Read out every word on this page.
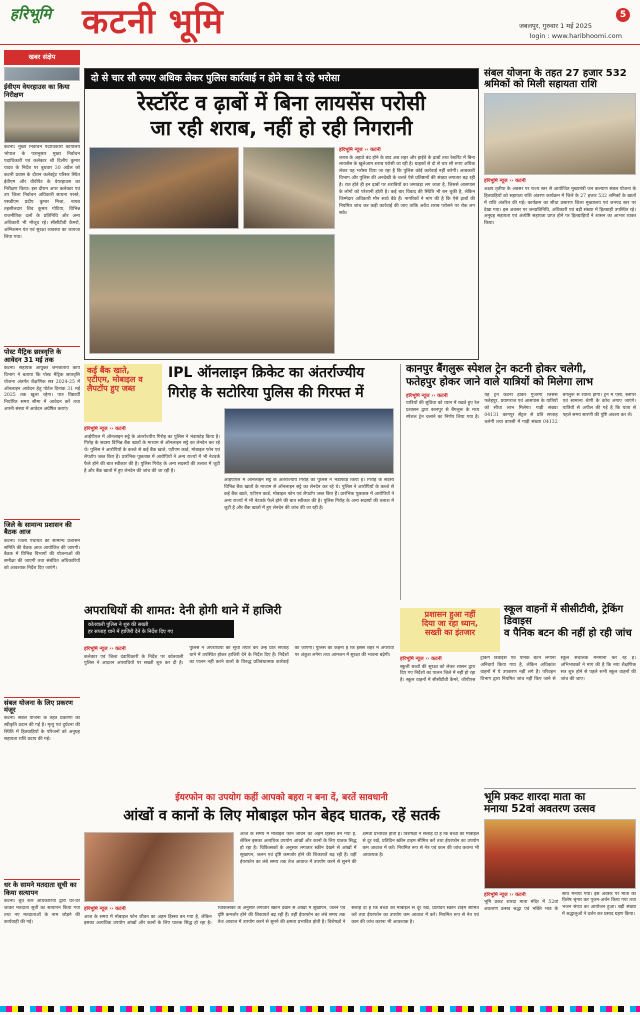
हरिभूमि कटनी भूमि	जबलपुर, गुरुवार 1 मई 2025
login : www.haribhoomi.com
5
खबर संक्षेप
ईवीएम वेयरहाउस का किया निरीक्षण
कटनी। मुख्य निर्वाचन पदाधिकारी कार्यालय भोपाल के पत्रानुसार मुख्य निर्वाचन पदाधिकारी एवं कलेक्टर श्री दिलीप कुमार यादव के निर्देश पर बुधवार 30 अप्रैल को कटनी प्रवास के दौरान कलेक्ट्रेट परिसर स्थित ईवीएम और वीवीपैट के वेयरहाउस का निरीक्षण किया। इस दौरान अपर कलेक्टर एवं उप जिला निर्वाचन अधिकारी साधना परस्ते, एसडीएम प्रदीप कुमार मिश्रा, नायब तहसीलदार शिव कुमार गोटिया, विभिन्न राजनीतिक दलों के प्रतिनिधि और अन्य अधिकारी भी मौजूद रहे। सीसीटीवी कैमरों, अग्निशमन यंत्र एवं सुरक्षा व्यवस्था का जायजा लिया गया।
पोस्ट मैट्रिक छात्रवृत्ति के आवेदन 31 मई तक
कटनी। सहायक आयुक्त जनजातीय कार्य विभाग ने बताया कि पोस्ट मैट्रिक छात्रवृत्ति योजना अंतर्गत शैक्षणिक सत्र 2024-25 में ऑनलाइन आवेदन हेतु पोर्टल दिनांक 31 मई 2025 तक खुला रहेगा। पात्र विद्यार्थी निर्धारित समय सीमा में आवेदन करें तथा अपनी संस्था में आवेदन अग्रेषित कराएं।
जिले के सामान्य प्रशासन की बैठक आज
कटनी। जिला पंचायत की सामान्य प्रशासन समिति की बैठक आज आयोजित की जाएगी। बैठक में विभिन्न विभागों की योजनाओं की समीक्षा की जाएगी तथा संबंधित अधिकारियों को आवश्यक निर्देश दिए जाएंगे।
संबल योजना के लिए प्रकरण मंजूर
कटनी। संबल योजना के तहत प्रकरणों की स्वीकृति प्रदान की गई है। मृत्यु एवं दुर्घटना की स्थिति में हितग्राहियों के परिजनों को अनुग्रह सहायता राशि प्रदाय की गई।
धर के सामने मतदाता सूची का किया सत्यापन
कटनी। बूथ स्तर अधिकारियों द्वारा घर-घर जाकर मतदाता सूची का सत्यापन किया गया तथा नए मतदाताओं के नाम जोड़ने की कार्यवाही की गई।
दो से चार सौ रुपए अधिक लेकर पुलिस कार्रवाई न होने का दे रहे भरोसा
रेस्टॉरेंट व ढ़ाबों में बिना लायसेंस परोसी
जा रही शराब, नहीं हो रही निगरानी
हरिभूमि न्यूज ›› कटनी
शराब के अहाते बंद होने के बाद अब शहर और हाईवे के ढ़ाबों तथा रेस्टॉरेंट में बिना लायसेंस के खुलेआम शराब परोसी जा रही है। ग्राहकों से दो से चार सौ रुपए अधिक लेकर यह भरोसा दिया जा रहा है कि पुलिस कोई कार्रवाई नहीं करेगी। आबकारी विभाग और पुलिस की अनदेखी के चलते ऐसे प्रतिष्ठानों की संख्या लगातार बढ़ रही है। रात होते ही इन ढ़ाबों पर शराबियों का जमावड़ा लग जाता है, जिससे आसपास के लोगों को परेशानी होती है। कई बार विवाद की स्थिति भी बन चुकी है, लेकिन जिम्मेदार अधिकारी मौन साधे बैठे हैं। नागरिकों ने मांग की है कि ऐसे ढ़ाबों की नियमित जांच कर कड़ी कार्रवाई की जाए ताकि अवैध शराब परोसने पर रोक लग सके।
संबल योजना के तहत 27 हजार 532
श्रमिकों को मिली सहायता राशि
हरिभूमि न्यूज ›› कटनी
अक्षय तृतीया के अवसर पर राज्य स्तर से आयोजित मुख्यमंत्री जन कल्याण संबल योजना के हितग्राहियों को सहायता राशि अंतरण कार्यक्रम में जिले के 27 हजार 532 श्रमिकों के खातों में राशि अंतरित की गई। कार्यक्रम का सीधा प्रसारण जिला मुख्यालय एवं जनपद स्तर पर देखा गया। इस अवसर पर जनप्रतिनिधि, अधिकारी एवं बड़ी संख्या में हितग्राही उपस्थित रहे। अनुग्रह सहायता एवं अंत्येष्टि सहायता प्राप्त होने पर हितग्राहियों ने शासन का आभार व्यक्त किया।
कई बैंक खाते,
एटीएम, मोबाइल व
लैपटॉप हुए जब्त
IPL ऑनलाइन क्रिकेट का अंतर्राज्यीय
गिरोह के सटोरिया पुलिस की गिरफ्त में
हरिभूमि न्यूज ›› कटनी
आईपीएल में ऑनलाइन सट्टे के अंतर्राज्यीय गिरोह का पुलिस ने भंडाफोड़ किया है। गिरोह के सदस्य विभिन्न बैंक खातों के माध्यम से ऑनलाइन सट्टे का लेनदेन कर रहे थे। पुलिस ने आरोपियों के कब्जे से कई बैंक खाते, एटीएम कार्ड, मोबाइल फोन एवं लैपटॉप जब्त किए हैं। प्रारंभिक पूछताछ में आरोपियों ने अन्य राज्यों में भी नेटवर्क फैले होने की बात स्वीकार की है। पुलिस गिरोह के अन्य सदस्यों की तलाश में जुटी है और बैंक खातों में हुए लेनदेन की जांच की जा रही है।
आईपीएल में ऑनलाइन सट्टे के अंतर्राज्यीय गिरोह का पुलिस ने भंडाफोड़ किया है। गिरोह के सदस्य विभिन्न बैंक खातों के माध्यम से ऑनलाइन सट्टे का लेनदेन कर रहे थे। पुलिस ने आरोपियों के कब्जे से कई बैंक खाते, एटीएम कार्ड, मोबाइल फोन एवं लैपटॉप जब्त किए हैं। प्रारंभिक पूछताछ में आरोपियों ने अन्य राज्यों में भी नेटवर्क फैले होने की बात स्वीकार की है। पुलिस गिरोह के अन्य सदस्यों की तलाश में जुटी है और बैंक खातों में हुए लेनदेन की जांच की जा रही है।
कानपुर बैंगलुरू स्पेशल ट्रेन कटनी होकर चलेगी,
फतेहपुर होकर जाने वाले यात्रियों को मिलेगा लाभ
हरिभूमि न्यूज ›› कटनी
यात्रियों की सुविधा को ध्यान में रखते हुए रेल प्रशासन द्वारा कानपुर से बैंगलुरू के मध्य स्पेशल ट्रेन चलाने का निर्णय लिया गया है। यह ट्रेन कटनी होकर गुजरेगी जिससे फतेहपुर, प्रयागराज एवं आसपास के यात्रियों को सीधा लाभ मिलेगा। गाड़ी संख्या 04131 कानपुर सेंट्रल से प्रति सप्ताह चलेगी तथा वापसी में गाड़ी संख्या 04132 बैंगलुरू से रवाना होगी। ट्रेन में एसी, स्लीपर एवं सामान्य श्रेणी के कोच लगाए जाएंगे। यात्रियों से अपील की गई है कि यात्रा से पहले समय सारणी की पुष्टि अवश्य कर लें।
अपराधियों की शामत: देनी होगी थाने में हाजिरी
कोतवाली पुलिस ने शुरु की सख्ती
हर सप्ताह थाने में हाजिरी देने के निर्देश दिए गए
हरिभूमि न्यूज ›› कटनी
कलेक्टर एवं जिला दंडाधिकारी के निर्देश पर कोतवाली पुलिस ने आदतन अपराधियों पर सख्ती शुरु कर दी है। पुलिस ने अपराधियों की सूची तैयार कर उन्हें प्रति सप्ताह थाने में उपस्थित होकर हाजिरी देने के निर्देश दिए हैं। निर्देशों का पालन नहीं करने वालों के विरुद्ध प्रतिबंधात्मक कार्रवाई की जाएगी। पुलिस का कहना है कि इससे शहर में अपराधों पर अंकुश लगेगा तथा आमजन में सुरक्षा की भावना बढ़ेगी।
प्रशासन हुआ नहीं
दिया जा रहा ध्यान,
सख्ती का इंतजार
स्कूल वाहनों में सीसीटीवी, ट्रेकिंग डिवाइस
व पैनिक बटन की नहीं हो रही जांच
हरिभूमि न्यूज ›› कटनी
स्कूली बच्चों की सुरक्षा को लेकर शासन द्वारा दिए गए निर्देशों का पालन जिले में नहीं हो रहा है। स्कूल वाहनों में सीसीटीवी कैमरे, जीपीएस ट्रेकिंग डिवाइस एवं पैनिक बटन लगाना अनिवार्य किया गया है, लेकिन अधिकांश वाहनों में ये उपकरण नहीं लगे हैं। परिवहन विभाग द्वारा नियमित जांच नहीं किए जाने से स्कूल संचालक मनमानी कर रहे हैं। अभिभावकों ने मांग की है कि नया शैक्षणिक सत्र शुरु होने से पहले सभी स्कूल वाहनों की जांच की जाए।
ईयरफोन का उपयोग कहीं आपको बहरा न बना दें, बरतें सावधानी
आंखों व कानों के लिए मोबाइल फोन बेहद घातक, रहें सतर्क
हरिभूमि न्यूज ›› कटनी
आज के समय में मोबाइल फोन जीवन का अहम हिस्सा बन गया है, लेकिन इसका अत्यधिक उपयोग आंखों और कानों के लिए घातक सिद्ध हो रहा है। चिकित्सकों के अनुसार लगातार स्क्रीन देखने से आंखों में सूखापन, जलन एवं दृष्टि कमजोर होने की शिकायतें बढ़ रही हैं। वहीं ईयरफोन का लंबे समय तक तेज आवाज में उपयोग करने से सुनने की क्षमता प्रभावित होती है। विशेषज्ञों ने सलाह दी है कि बच्चों को मोबाइल से दूर रखें, प्रतिदिन स्क्रीन टाइम सीमित करें तथा ईयरफोन का उपयोग कम आवाज में करें। नियमित रूप से नेत्र एवं कान की जांच कराना भी आवश्यक है।
आज के समय में मोबाइल फोन जीवन का अहम हिस्सा बन गया है, लेकिन इसका अत्यधिक उपयोग आंखों और कानों के लिए घातक सिद्ध हो रहा है। चिकित्सकों के अनुसार लगातार स्क्रीन देखने से आंखों में सूखापन, जलन एवं दृष्टि कमजोर होने की शिकायतें बढ़ रही हैं। वहीं ईयरफोन का लंबे समय तक तेज आवाज में उपयोग करने से सुनने की क्षमता प्रभावित होती है। विशेषज्ञों ने सलाह दी है कि बच्चों को मोबाइल से दूर रखें, प्रतिदिन स्क्रीन टाइम सीमित करें तथा ईयरफोन का उपयोग कम आवाज में करें। नियमित रूप से नेत्र एवं कान की जांच कराना भी आवश्यक है।
भूमि प्रकट शारदा माता का
मनाया 52वां अवतरण उत्सव
हरिभूमि न्यूज ›› कटनी
भूमि प्रकट शारदा माता मंदिर में 52वां अवतरण उत्सव श्रद्धा एवं भक्ति भाव के साथ मनाया गया। इस अवसर पर माता का विशेष श्रृंगार कर पूजन-अर्चन किया गया तथा भजन संध्या का आयोजन हुआ। बड़ी संख्या में श्रद्धालुओं ने दर्शन कर प्रसाद ग्रहण किया।
